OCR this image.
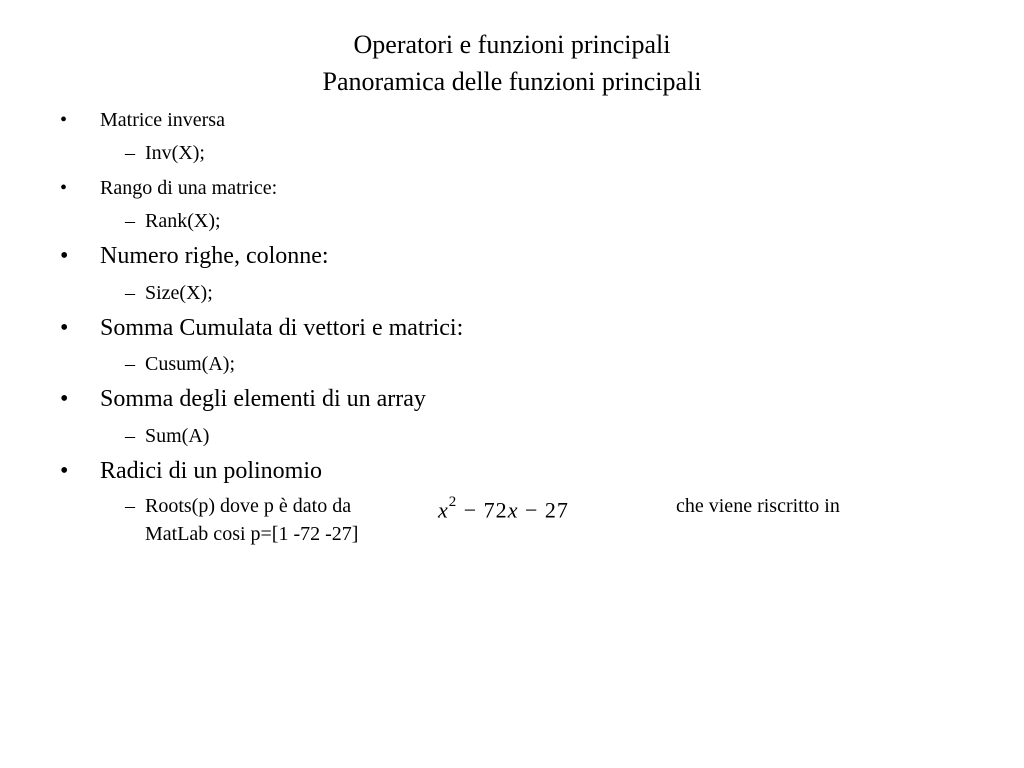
Operatori e funzioni principali
Panoramica delle funzioni principali
• Matrice inversa
– Inv(X);
• Rango di una matrice:
– Rank(X);
• Numero righe, colonne:
– Size(X);
• Somma Cumulata di vettori e matrici:
– Cusum(A);
• Somma degli elementi di un array
– Sum(A)
• Radici di un polinomio
– Roots(p) dove p è dato da	$x^2 - 72x - 27$	che viene riscritto in
MatLab cosi p=[1 -72 -27]
